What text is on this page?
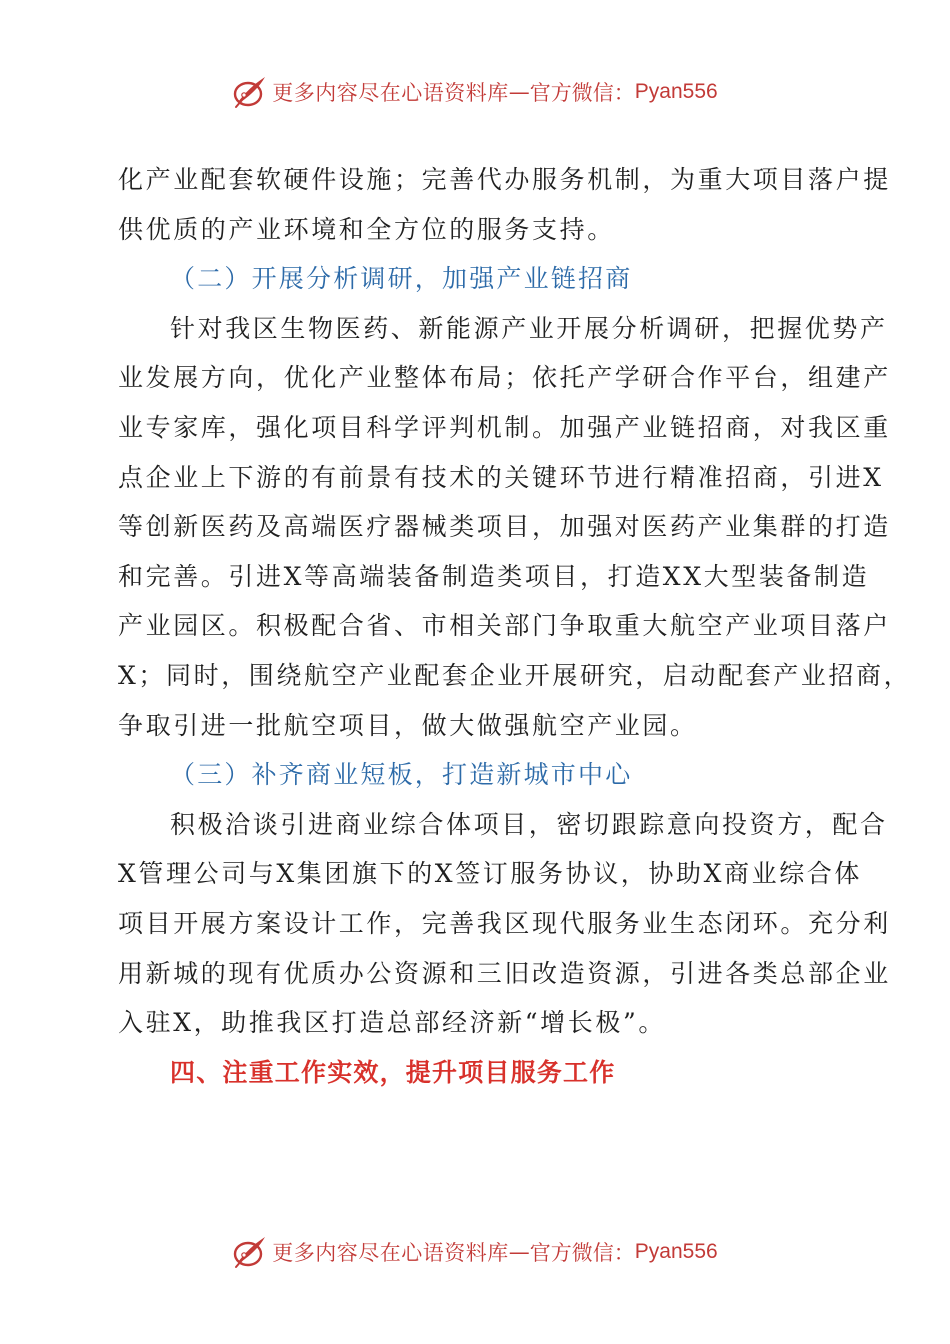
更多内容尽在心语资料库 — 官方微信： Pyan556
化产业配套软硬件设施；完善代办服务机制，为重大项目落户提
供优质的产业环境和全方位的服务支持。
（二）开展分析调研，加强产业链招商
针对我区生物医药、新能源产业开展分析调研，把握优势产
业发展方向，优化产业整体布局；依托产学研合作平台，组建产
业专家库，强化项目科学评判机制。加强产业链招商，对我区重
点企业上下游的有前景有技术的关键环节进行精准招商，引进X
等创新医药及高端医疗器械类项目，加强对医药产业集群的打造
和完善。引进X等高端装备制造类项目，打造XX大型装备制造
产业园区。积极配合省、市相关部门争取重大航空产业项目落户
X；同时，围绕航空产业配套企业开展研究，启动配套产业招商，
争取引进一批航空项目，做大做强航空产业园。
（三）补齐商业短板，打造新城市中心
积极洽谈引进商业综合体项目，密切跟踪意向投资方，配合
X管理公司与X集团旗下的X签订服务协议，协助X商业综合体
项目开展方案设计工作，完善我区现代服务业生态闭环。充分利
用新城的现有优质办公资源和三旧改造资源，引进各类总部企业
入驻X，助推我区打造总部经济新“增长极”。
四、注重工作实效，提升项目服务工作
更多内容尽在心语资料库 — 官方微信： Pyan556
